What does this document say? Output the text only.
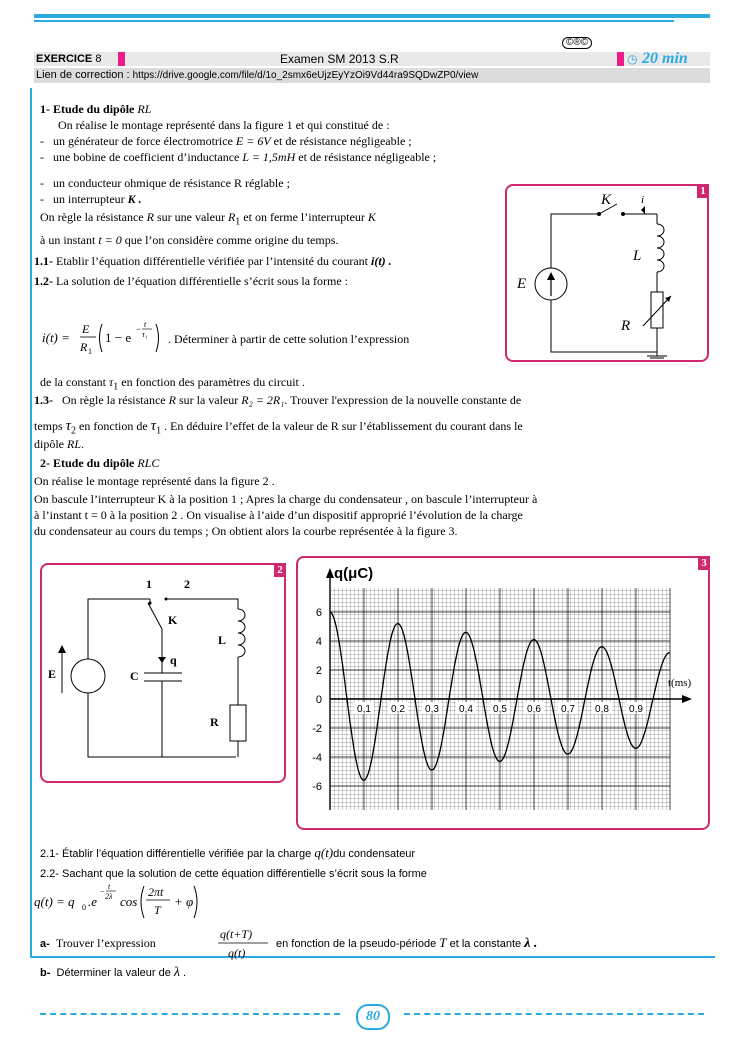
©®©
EXERCICE 8	Examen SM 2013 S.R	◷ 20 min
Lien de correction : https://drive.google.com/file/d/1o_2smx6eUjzEyYzOi9Vd44ra9SQDwZP0/view
1- Etude du dipôle RL
On réalise le montage représenté dans la figure 1 et qui constitué de :
-   un générateur de force électromotrice E = 6V et de résistance négligeable ;
-   une bobine de coefficient d’inductance L = 1,5mH et de résistance négligeable ;
-   un conducteur ohmique de résistance R réglable ;
-   un interrupteur K .
On règle la résistance R sur une valeur $R_1$ et on ferme l’interrupteur K
à un instant t = 0 que l’on considère comme origine du temps.
1.1- Etablir l’équation différentielle vérifiée par l’intensité du courant i(t) .
1.2- La solution de l’équation différentielle s’écrit sous la forme :
i(t) =
E
R 1
1 − e
− t
τ₁ . Déterminer à partir de cette solution l’expression
de la constant $\tau_1$ en fonction des paramètres du circuit .
1.3- On règle la résistance R sur la valeur R₂ = 2R₁. Trouver l'expression de la nouvelle constante de
temps $\tau_2$ en fonction de $\tau_1$ . En déduire l’effet de la valeur de R sur l’établissement du courant dans le
dipôle RL.
2- Etude du dipôle RLC
On réalise le montage représenté dans la figure 2 .
On bascule l’interrupteur K à la position 1 ; Apres la charge du condensateur , on bascule l’interrupteur à
à l’instant t = 0 à la position 2 . On visualise à l’aide d’un dispositif approprié l’évolution de la charge
du condensateur au cours du temps ; On obtient alors la courbe représentée à la figure 3.
1
E
K	i
L
R
2
1	2
K
q
C
E
L
R
3
6
4
2
0
-2
-4
-6
0,1 0,2 0,3 0,4 0,5 0,6 0,7 0,8 0,9
q(μC)
t(ms)
2.1- Établir l’équation différentielle vérifiée par la charge q(t)du condensateur
2.2- Sachant que la solution de cette équation différentielle s’écrit sous la forme
q(t) = q 0 .e
−
t
2λ cos
2πt
T
+ φ
a- Trouver l’expression
q(t+T)
q(t)
en fonction de la pseudo-période T et la constante λ .
b- Déterminer la valeur de λ .
80
